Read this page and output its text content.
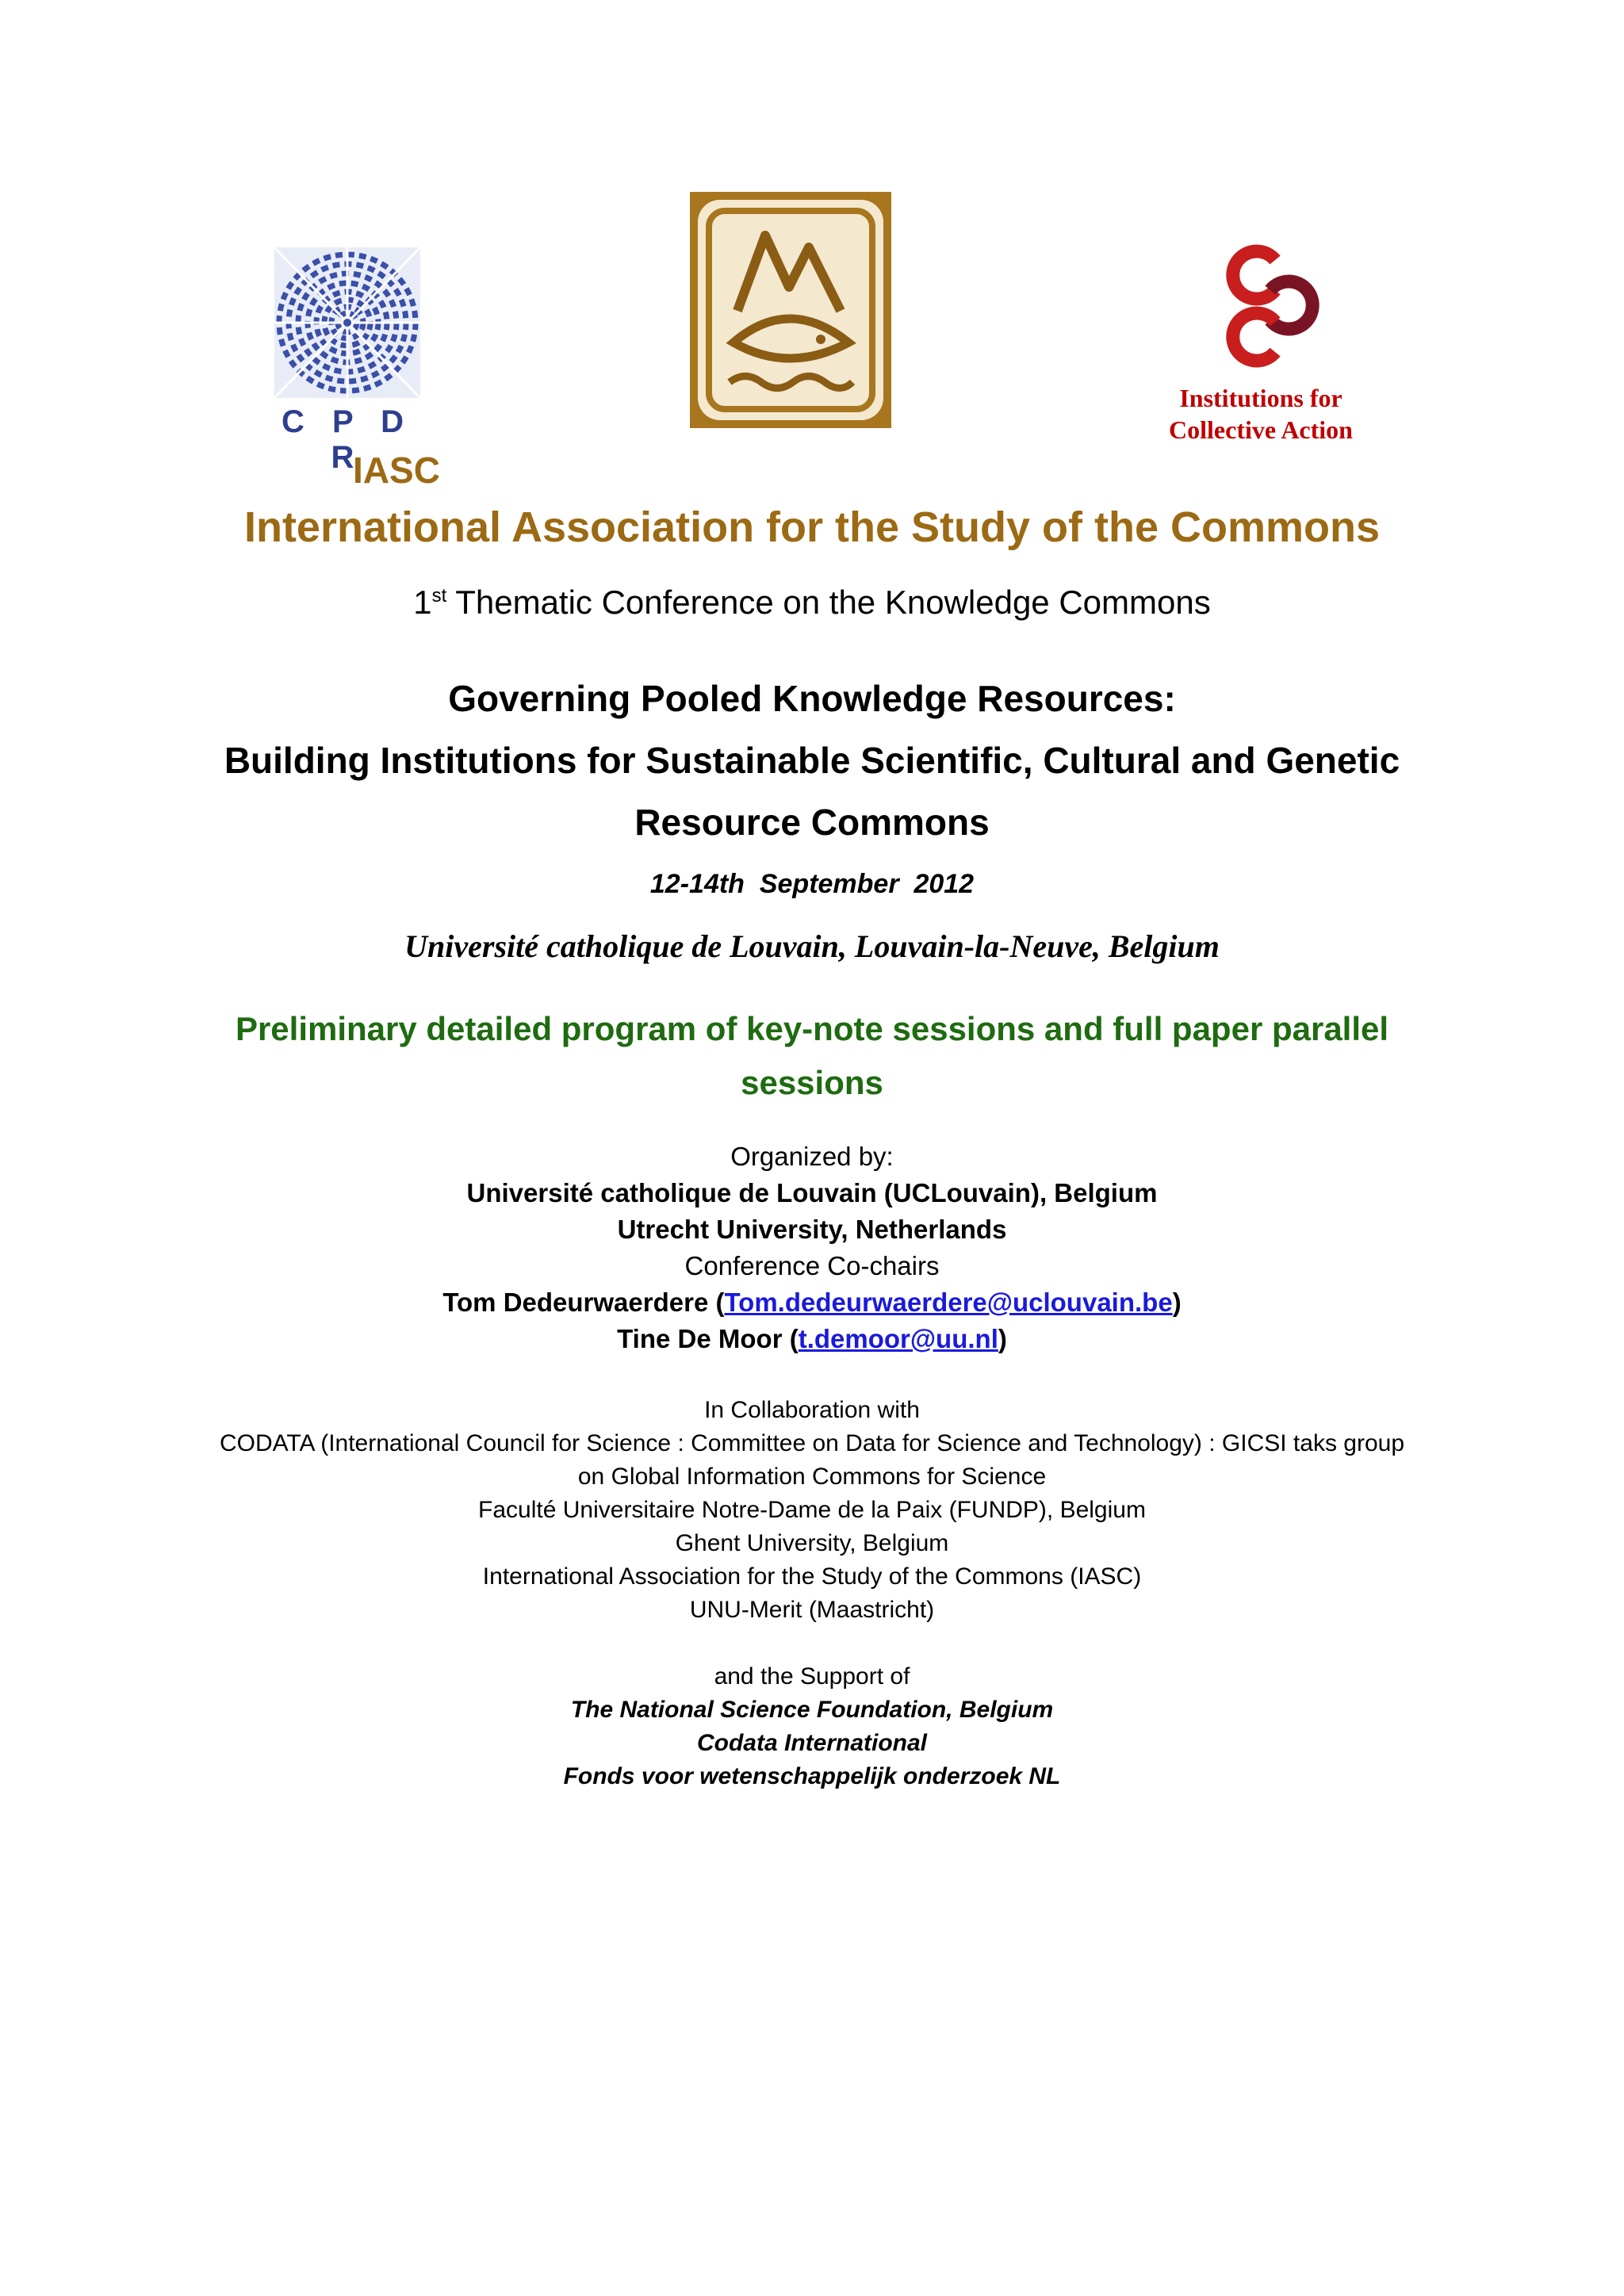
C P D R
Institutions for
Collective Action
IASC
International Association for the Study of the Commons
1st Thematic Conference on the Knowledge Commons
Governing Pooled Knowledge Resources:
Building Institutions for Sustainable Scientific, Cultural and Genetic
Resource Commons
12-14th  September  2012
Université catholique de Louvain, Louvain-la-Neuve, Belgium
Preliminary detailed program of key-note sessions and full paper parallel
sessions
Organized by:
Université catholique de Louvain (UCLouvain), Belgium
Utrecht University, Netherlands
Conference Co-chairs
Tom Dedeurwaerdere (Tom.dedeurwaerdere@uclouvain.be)
Tine De Moor (t.demoor@uu.nl)
In Collaboration with
CODATA (International Council for Science : Committee on Data for Science and Technology) : GICSI taks group
on Global Information Commons for Science
Faculté Universitaire Notre-Dame de la Paix (FUNDP), Belgium
Ghent University, Belgium
International Association for the Study of the Commons (IASC)
UNU-Merit (Maastricht)
and the Support of
The National Science Foundation, Belgium
Codata International
Fonds voor wetenschappelijk onderzoek NL
